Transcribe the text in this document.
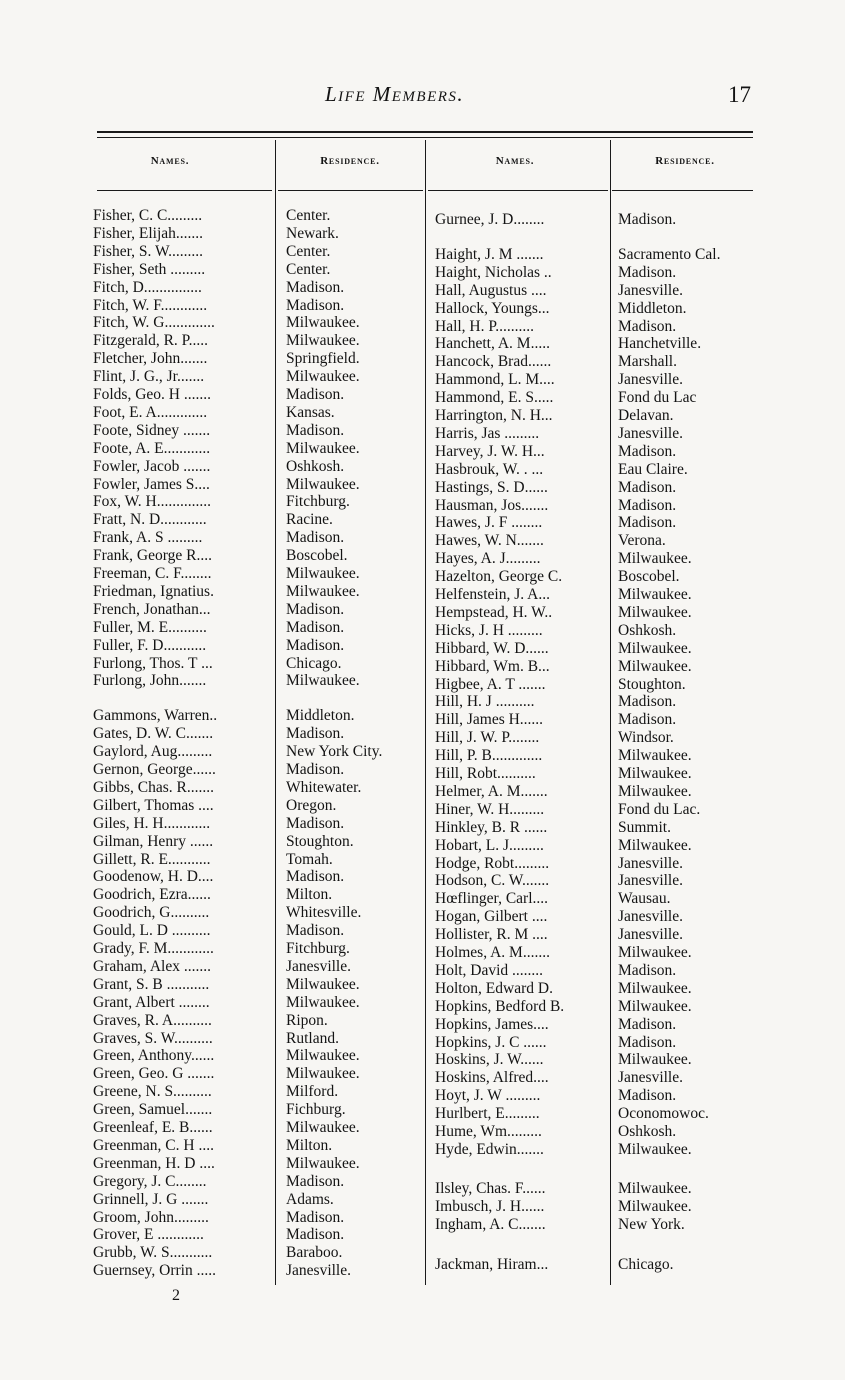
Life Members.	17
Names.	Residence.	Names.	Residence.
Fisher, C. C.........	Center.
Fisher, Elijah.......	Newark.
Fisher, S. W.........	Center.
Fisher, Seth .........	Center.
Fitch, D...............	Madison.
Fitch, W. F............	Madison.
Fitch, W. G.............	Milwaukee.
Fitzgerald, R. P.....	Milwaukee.
Fletcher, John.......	Springfield.
Flint, J. G., Jr.......	Milwaukee.
Folds, Geo. H .......	Madison.
Foot, E. A.............	Kansas.
Foote, Sidney .......	Madison.
Foote, A. E............	Milwaukee.
Fowler, Jacob .......	Oshkosh.
Fowler, James S....	Milwaukee.
Fox, W. H..............	Fitchburg.
Fratt, N. D............	Racine.
Frank, A. S .........	Madison.
Frank, George R....	Boscobel.
Freeman, C. F........	Milwaukee.
Friedman, Ignatius.	Milwaukee.
French, Jonathan...	Madison.
Fuller, M. E..........	Madison.
Fuller, F. D...........	Madison.
Furlong, Thos. T ...	Chicago.
Furlong, John.......	Milwaukee.
Gammons, Warren..	Middleton.
Gates, D. W. C.......	Madison.
Gaylord, Aug.........	New York City.
Gernon, George......	Madison.
Gibbs, Chas. R.......	Whitewater.
Gilbert, Thomas ....	Oregon.
Giles, H. H............	Madison.
Gilman, Henry ......	Stoughton.
Gillett, R. E...........	Tomah.
Goodenow, H. D....	Madison.
Goodrich, Ezra......	Milton.
Goodrich, G..........	Whitesville.
Gould, L. D ..........	Madison.
Grady, F. M............	Fitchburg.
Graham, Alex .......	Janesville.
Grant, S. B ...........	Milwaukee.
Grant, Albert ........	Milwaukee.
Graves, R. A..........	Ripon.
Graves, S. W..........	Rutland.
Green, Anthony......	Milwaukee.
Green, Geo. G .......	Milwaukee.
Greene, N. S..........	Milford.
Green, Samuel.......	Fichburg.
Greenleaf, E. B......	Milwaukee.
Greenman, C. H ....	Milton.
Greenman, H. D ....	Milwaukee.
Gregory, J. C........	Madison.
Grinnell, J. G .......	Adams.
Groom, John.........	Madison.
Grover, E ............	Madison.
Grubb, W. S...........	Baraboo.
Guernsey, Orrin .....	Janesville.
Gurnee, J. D........	Madison.
Haight, J. M .......	Sacramento Cal.
Haight, Nicholas ..	Madison.
Hall, Augustus ....	Janesville.
Hallock, Youngs...	Middleton.
Hall, H. P..........	Madison.
Hanchett, A. M.....	Hanchetville.
Hancock, Brad......	Marshall.
Hammond, L. M....	Janesville.
Hammond, E. S.....	Fond du Lac
Harrington, N. H...	Delavan.
Harris, Jas .........	Janesville.
Harvey, J. W. H...	Madison.
Hasbrouk, W. . ...	Eau Claire.
Hastings, S. D......	Madison.
Hausman, Jos.......	Madison.
Hawes, J. F ........	Madison.
Hawes, W. N.......	Verona.
Hayes, A. J.........	Milwaukee.
Hazelton, George C.	Boscobel.
Helfenstein, J. A...	Milwaukee.
Hempstead, H. W..	Milwaukee.
Hicks, J. H .........	Oshkosh.
Hibbard, W. D......	Milwaukee.
Hibbard, Wm. B...	Milwaukee.
Higbee, A. T .......	Stoughton.
Hill, H. J ..........	Madison.
Hill, James H......	Madison.
Hill, J. W. P........	Windsor.
Hill, P. B.............	Milwaukee.
Hill, Robt..........	Milwaukee.
Helmer, A. M.......	Milwaukee.
Hiner, W. H.........	Fond du Lac.
Hinkley, B. R ......	Summit.
Hobart, L. J.........	Milwaukee.
Hodge, Robt.........	Janesville.
Hodson, C. W.......	Janesville.
Hœflinger, Carl....	Wausau.
Hogan, Gilbert ....	Janesville.
Hollister, R. M ....	Janesville.
Holmes, A. M.......	Milwaukee.
Holt, David ........	Madison.
Holton, Edward D.	Milwaukee.
Hopkins, Bedford B.	Milwaukee.
Hopkins, James....	Madison.
Hopkins, J. C ......	Madison.
Hoskins, J. W......	Milwaukee.
Hoskins, Alfred....	Janesville.
Hoyt, J. W .........	Madison.
Hurlbert, E.........	Oconomowoc.
Hume, Wm.........	Oshkosh.
Hyde, Edwin.......	Milwaukee.
Ilsley, Chas. F......	Milwaukee.
Imbusch, J. H......	Milwaukee.
Ingham, A. C.......	New York.
Jackman, Hiram...	Chicago.
2
